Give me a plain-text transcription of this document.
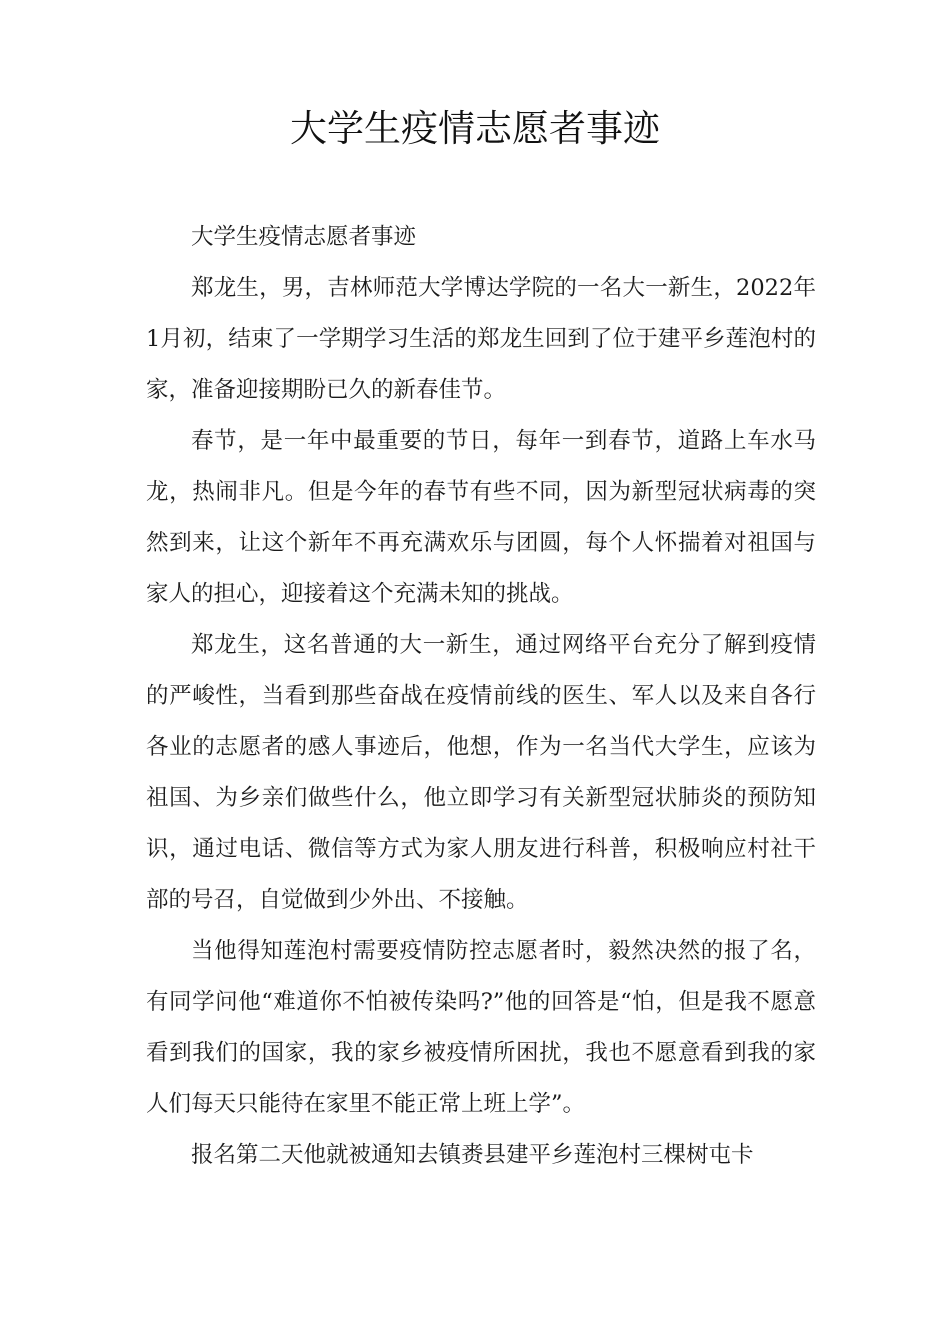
大学生疫情志愿者事迹

大学生疫情志愿者事迹

郑龙生，男，吉林师范大学博达学院的一名大一新生，2022年1月初，结束了一学期学习生活的郑龙生回到了位于建平乡莲泡村的家，准备迎接期盼已久的新春佳节。

春节，是一年中最重要的节日，每年一到春节，道路上车水马龙，热闹非凡。但是今年的春节有些不同，因为新型冠状病毒的突然到来，让这个新年不再充满欢乐与团圆，每个人怀揣着对祖国与家人的担心，迎接着这个充满未知的挑战。

郑龙生，这名普通的大一新生，通过网络平台充分了解到疫情的严峻性，当看到那些奋战在疫情前线的医生、军人以及来自各行各业的志愿者的感人事迹后，他想，作为一名当代大学生，应该为祖国、为乡亲们做些什么，他立即学习有关新型冠状肺炎的预防知识，通过电话、微信等方式为家人朋友进行科普，积极响应村社干部的号召，自觉做到少外出、不接触。

当他得知莲泡村需要疫情防控志愿者时，毅然决然的报了名，有同学问他“难道你不怕被传染吗?”他的回答是“怕，但是我不愿意看到我们的国家，我的家乡被疫情所困扰，我也不愿意看到我的家人们每天只能待在家里不能正常上班上学”。

报名第二天他就被通知去镇赉县建平乡莲泡村三棵树屯卡
